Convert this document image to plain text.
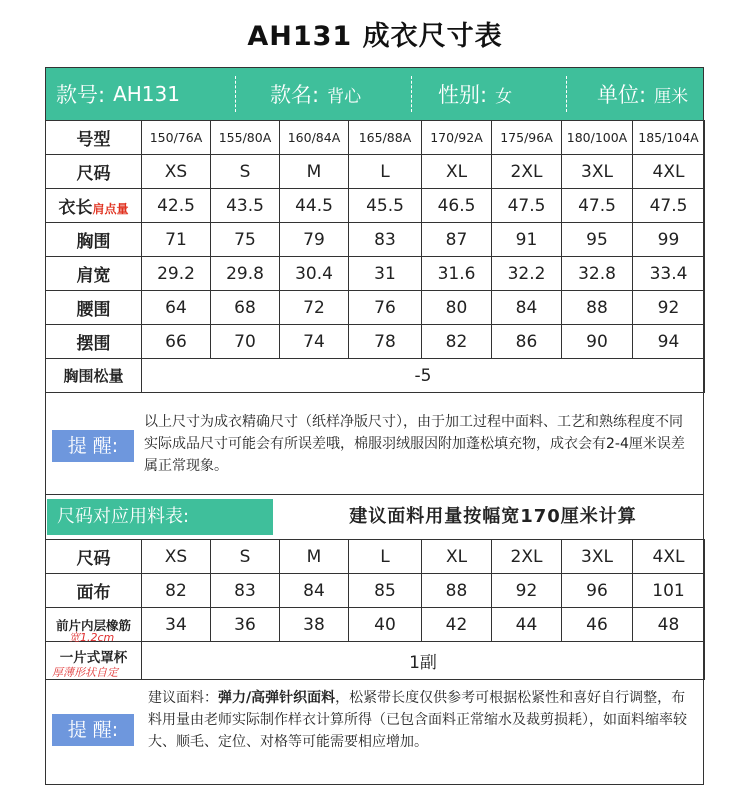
AH131 成衣尺寸表
款号: AH131	款名: 背心	性别: 女	单位: 厘米
号型	150/76A	155/80A	160/84A	165/88A	170/92A	175/96A	180/100A	185/104A
尺码	XS	S	M	L	XL	2XL	3XL	4XL
衣长肩点量	42.5	43.5	44.5	45.5	46.5	47.5	47.5	47.5
胸围	71	75	79	83	87	91	95	99
肩宽	29.2	29.8	30.4	31	31.6	32.2	32.8	33.4
腰围	64	68	72	76	80	84	88	92
摆围	66	70	74	78	82	86	90	94
胸围松量	-5							
提 醒:
以上尺寸为成衣精确尺寸（纸样净版尺寸），由于加工过程中面料、工艺和熟练程度不同实际成品尺寸可能会有所误差哦，棉服羽绒服因附加蓬松填充物，成衣会有2-4厘米误差属正常现象。
尺码对应用料表:	建议面料用量按幅宽170厘米计算
尺码	XS	S	M	L	XL	2XL	3XL	4XL
面布	82	83	84	85	88	92	96	101
前片内层橡筋	34	36	38	40	42	44	46	48
一片式罩杯	1副							
宽1.2cm
厚薄形状自定
提 醒:
建议面料：弹力/高弹针织面料，松紧带长度仅供参考可根据松紧性和喜好自行调整，布料用量由老师实际制作样衣计算所得（已包含面料正常缩水及裁剪损耗），如面料缩率较大、顺毛、定位、对格等可能需要相应增加。
